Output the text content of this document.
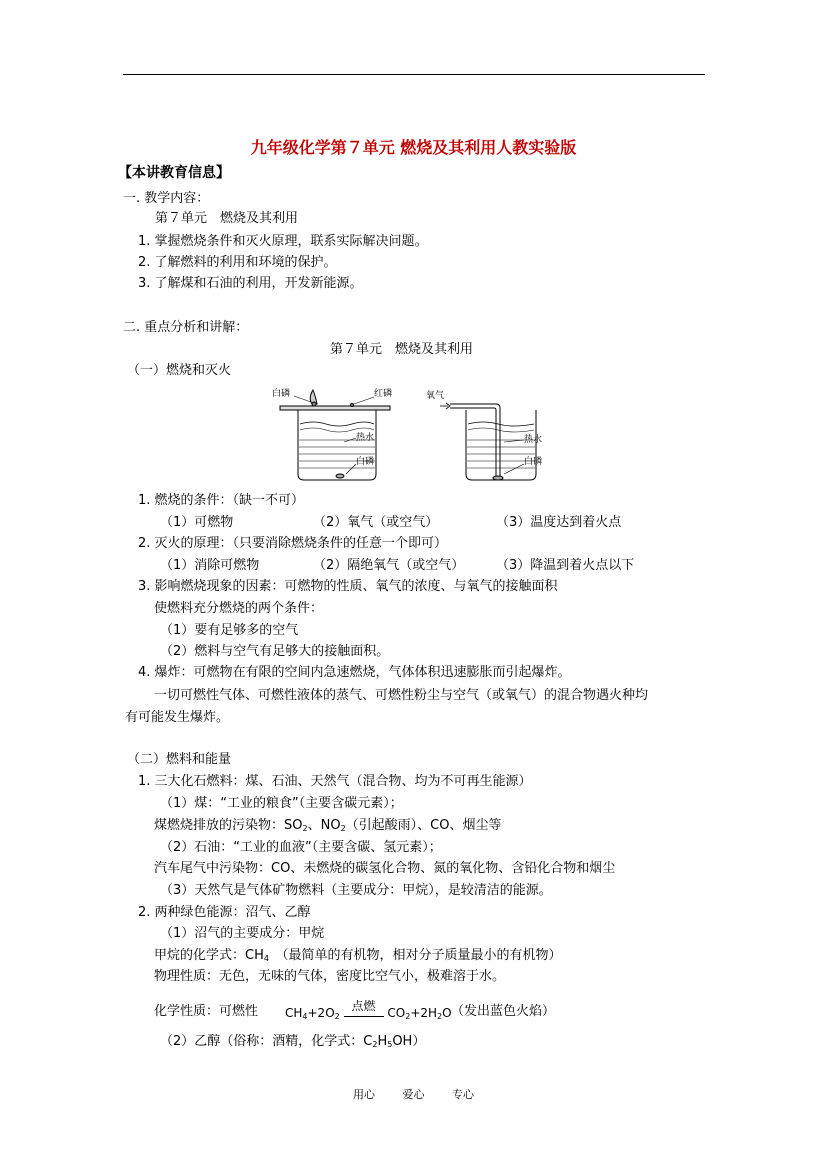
九年级化学第７单元 燃烧及其利用人教实验版
【本讲教育信息】
一. 教学内容：
第７单元　燃烧及其利用
1. 掌握燃烧条件和灭火原理，联系实际解决问题。
2. 了解燃料的利用和环境的保护。
3. 了解煤和石油的利用，开发新能源。
二. 重点分析和讲解：
第７单元　燃烧及其利用
（一）燃烧和灭火
白磷	红磷
热水
白磷
氧气
热水
白磷
1. 燃烧的条件：（缺一不可）
（1）可燃物	（2）氧气（或空气）	（3）温度达到着火点
2. 灭火的原理：（只要消除燃烧条件的任意一个即可）
（1）消除可燃物	（2）隔绝氧气（或空气） （3）降温到着火点以下
3. 影响燃烧现象的因素：可燃物的性质、氧气的浓度、与氧气的接触面积
使燃料充分燃烧的两个条件：
（1）要有足够多的空气
（2）燃料与空气有足够大的接触面积。
4. 爆炸：可燃物在有限的空间内急速燃烧，气体体积迅速膨胀而引起爆炸。
一切可燃性气体、可燃性液体的蒸气、可燃性粉尘与空气（或氧气）的混合物遇火种均
有可能发生爆炸。
（二）燃料和能量
1. 三大化石燃料：煤、石油、天然气（混合物、均为不可再生能源）
（1）煤：“工业的粮食”（主要含碳元素）；
煤燃烧排放的污染物：$SO_2$、$NO_2$（引起酸雨）、CO、烟尘等
（2）石油：“工业的血液”（主要含碳、氢元素）；
汽车尾气中污染物：CO、未燃烧的碳氢化合物、氮的氧化物、含铅化合物和烟尘
（3）天然气是气体矿物燃料（主要成分：甲烷），是较清洁的能源。
2. 两种绿色能源：沼气、乙醇
（1）沼气的主要成分：甲烷
甲烷的化学式：$CH_4$　（最简单的有机物，相对分子质量最小的有机物）
物理性质：无色，无味的气体，密度比空气小，极难溶于水。
化学性质：可燃性 $CH_4+2O_2$
点燃 $CO_2+2H_2O$ （发出蓝色火焰）
（2）乙醇（俗称：酒精，化学式：$C_2H_5OH$）
用心	爱心	专心
